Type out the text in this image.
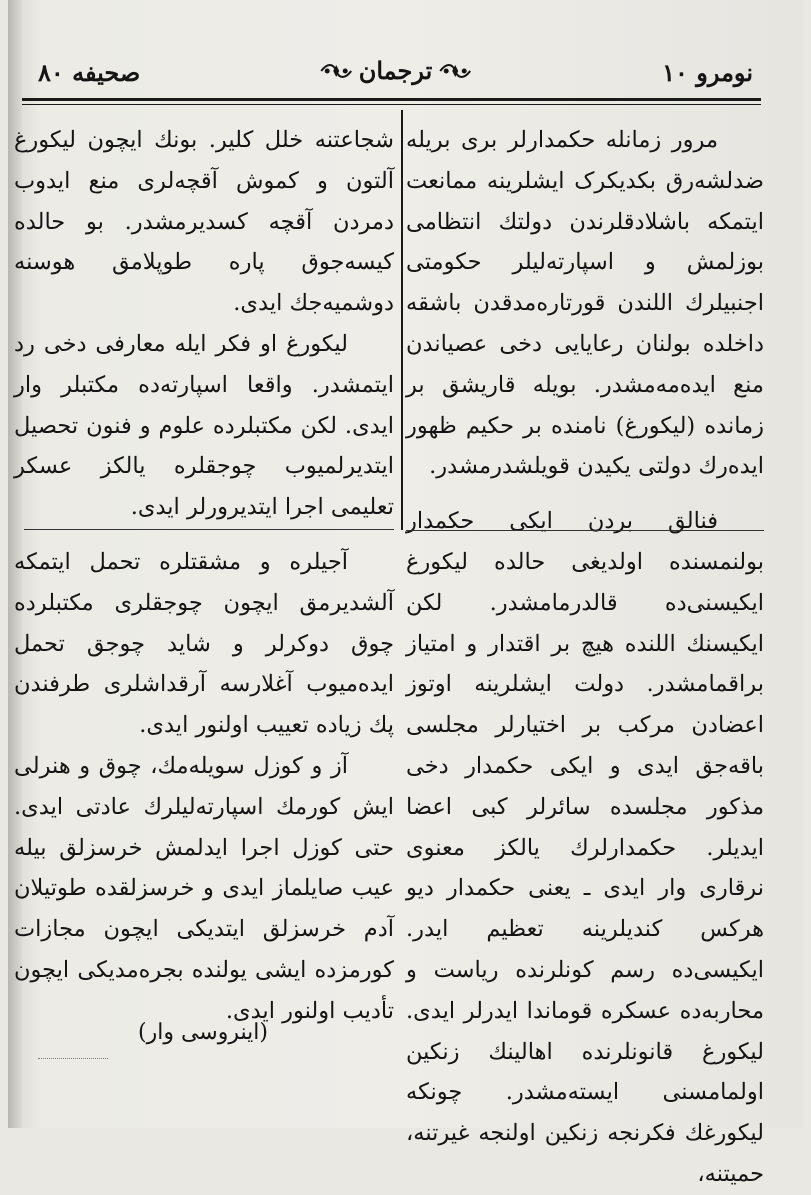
نومرو ۱۰
ترجمان
صحیفه ۸۰

مرور زمانله حکمدارلر بری بریله ضدلشه‌رق بکدیکرک ایشلرینه ممانعت ایتمکه باشلادقلرندن دولتك انتظامی بوزلمش و اسپارته‌لیلر حکومتی اجنبیلرك اللندن قورتاره‌مدقدن باشقه داخلده بولنان رعایایی دخی عصیاندن منع ایده‌مه‌مشدر. بویله قاریشق بر زمانده (لیکورغ) نامنده بر حکیم ظهور ایده‌رك دولتی یکیدن قویلشدرمشدر.

فنالق بردن ایکی حکمدار بولنمسنده اولدیغی حالده لیکورغ ایکیسنی‌ده قالدرمامشدر. لکن ایکیسنك اللنده هیچ بر اقتدار و امتیاز براقمامشدر. دولت ایشلرینه اوتوز اعضادن مرکب بر اختیارلر مجلسی باقه‌جق ایدی و ایکی حکمدار دخی مذکور مجلسده سائرلر کبی اعضا ایدیلر. حکمدارلرك یالکز معنوی نرقاری وار ایدی ـ یعنی حکمدار دیو هرکس کندیلرینه تعظیم ایدر. ایکیسی‌ده رسم کونلرنده ریاست و محاربه‌ده عسکره قوماندا ایدرلر ایدی. لیکورغ قانونلرنده اهالینك زنکین اولمامسنی ایسته‌مشدر. چونکه لیکورغك فکرنجه زنکین اولنجه غیرتنه، حمیتنه،

شجاعتنه خلل کلیر. بونك ایچون لیکورغ آلتون و کموش آقچه‌لری منع ایدوب دمردن آقچه کسدیرمشدر. بو حالده کیسه‌جوق پاره طوپلامق هوسنه دوشمیه‌جك ایدی.

لیکورغ او فکر ایله معارفی دخی رد ایتمشدر. واقعا اسپارته‌ده مکتبلر وار ایدی. لکن مکتبلرده علوم و فنون تحصیل ایتدیرلمیوب چوجقلره یالکز عسکر تعلیمی اجرا ایتدیرورلر ایدی.

آجیلره و مشقتلره تحمل ایتمکه آلشدیرمق ایچون چوجقلری مکتبلرده چوق دوکرلر و شاید چوجق تحمل ایده‌میوب آغلارسه آرقداشلری طرفندن پك زیاده تعییب اولنور ایدی.

آز و کوزل سویله‌مك، چوق و هنرلی ایش کورمك اسپارته‌لیلرك عادتی ایدی. حتی کوزل اجرا ایدلمش خرسزلق بیله عیب صایلماز ایدی و خرسزلقده طوتیلان آدم خرسزلق ایتدیکی ایچون مجازات کورمزده ایشی یولنده بجره‌مدیکی ایچون تأدیب اولنور ایدی.

(اینروسی وار)
